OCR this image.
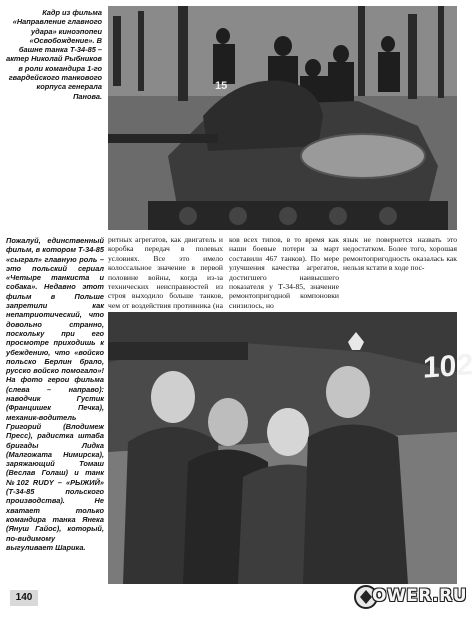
15

Кадр из фильма «Направление главного удара» киноэпопеи «Освобождение». В башне танка Т-34-85 – актер Николай Рыбников в роли командира 1-го гвардейского танкового корпуса генерала Панова.

ритных агрегатов, как двигатель и коробка передач в полевых условиях. Все это имело колоссальное значение в первой половине войны, когда из-за технических неисправностей из строя выходило больше танков, чем от воздействия противника (на
ков всех типов, в то время как наши боевые потери за март составили 467 танков). По мере улучшения качества агрегатов, достигшего наивысшего показателя у Т-34-85, значение ремонтопригодной компоновки снизилось, но
язык не повернется назвать это недостатком. Более того, хорошая ремонтопригодность оказалась как нельзя кстати в ходе пос-

Пожалуй, единственный фильм, в котором Т-34-85 «сыграл» главную роль – это польский сериал «Четыре танкиста и собака». Недавно этот фильм в Польше запретили как непатриотический, что довольно странно, поскольку при его просмотре приходишь к убеждению, что «войско польско Берлин брало, русско войско помогало»! На фото герои фильма (слева – направо): наводчик Густик (Францишек Печка), механик-водитель Григорий (Влодимеж Пресс), радистка штаба бригады Лидка (Малгожата Нимирска), заряжающий Томаш (Веслав Голаш) и танк №102 RUDY – «РЫЖИЙ» (Т-34-85 польского производства). Не хватает только командира танка Янека (Януш Гайос), который, по-видимому выгуливает Шарика.

102
140	OWER.RU
